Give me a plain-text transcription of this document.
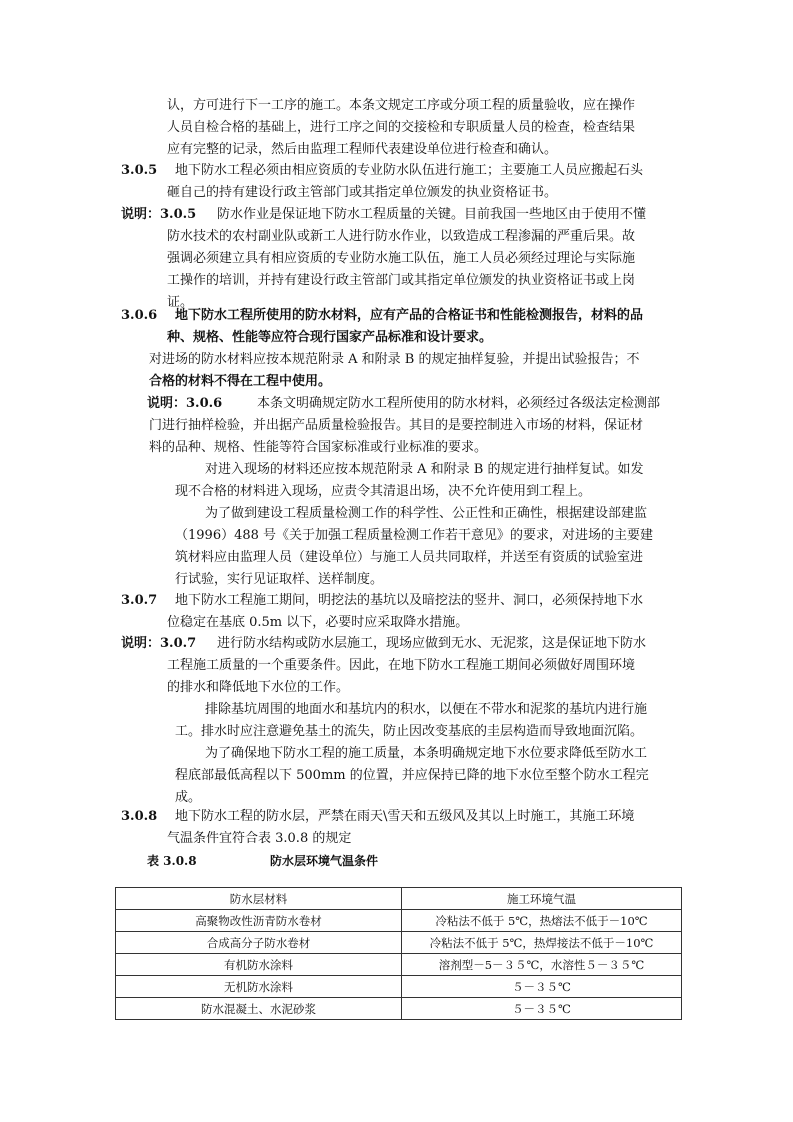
认，方可进行下一工序的施工。本条文规定工序或分项工程的质量验收，应在操作
人员自检合格的基础上，进行工序之间的交接检和专职质量人员的检查，检查结果
应有完整的记录，然后由监理工程师代表建设单位进行检查和确认。
3.0.5 地下防水工程必须由相应资质的专业防水队伍进行施工；主要施工人员应搬起石头
砸自己的持有建设行政主管部门或其指定单位颁发的执业资格证书。
说明：3.0.5 防水作业是保证地下防水工程质量的关键。目前我国一些地区由于使用不懂
防水技术的农村副业队或新工人进行防水作业，以致造成工程渗漏的严重后果。故
强调必须建立具有相应资质的专业防水施工队伍，施工人员必须经过理论与实际施
工操作的培训，并持有建设行政主管部门或其指定单位颁发的执业资格证书或上岗
证。
3.0.6 地下防水工程所使用的防水材料，应有产品的合格证书和性能检测报告，材料的品
种、规格、性能等应符合现行国家产品标准和设计要求。
对进场的防水材料应按本规范附录 A 和附录 B 的规定抽样复验，并提出试验报告；不
合格的材料不得在工程中使用。
说明：3.0.6	本条文明确规定防水工程所使用的防水材料，必须经过各级法定检测部
门进行抽样检验，并出据产品质量检验报告。其目的是要控制进入市场的材料，保证材
料的品种、规格、性能等符合国家标准或行业标准的要求。
对进入现场的材料还应按本规范附录 A 和附录 B 的规定进行抽样复试。如发
现不合格的材料进入现场，应责令其清退出场，决不允许使用到工程上。
为了做到建设工程质量检测工作的科学性、公正性和正确性，根据建设部建监
（1996）488 号《关于加强工程质量检测工作若干意见》的要求，对进场的主要建
筑材料应由监理人员（建设单位）与施工人员共同取样，并送至有资质的试验室进
行试验，实行见证取样、送样制度。
3.0.7 地下防水工程施工期间，明挖法的基坑以及暗挖法的竖井、洞口，必须保持地下水
位稳定在基底 0.5m 以下，必要时应采取降水措施。
说明：3.0.7 进行防水结构或防水层施工，现场应做到无水、无泥浆，这是保证地下防水
工程施工质量的一个重要条件。因此，在地下防水工程施工期间必须做好周围环境
的排水和降低地下水位的工作。
排除基坑周围的地面水和基坑内的积水，以便在不带水和泥浆的基坑内进行施
工。排水时应注意避免基土的流失，防止因改变基底的圭层构造而导致地面沉陷。
为了确保地下防水工程的施工质量，本条明确规定地下水位要求降低至防水工
程底部最低高程以下 500mm 的位置，并应保持已降的地下水位至整个防水工程完
成。
3.0.8 地下防水工程的防水层，严禁在雨天\雪天和五级风及其以上时施工，其施工环境
气温条件宜符合表 3.0.8 的规定
表 3.0.8	防水层环境气温条件
防水层材料	施工环境气温
高聚物改性沥青防水卷材	冷粘法不低于 5℃，热熔法不低于－10℃
合成高分子防水卷材	冷粘法不低于 5℃，热焊接法不低于－10℃
有机防水涂料	溶剂型－5－３５℃，水溶性５－３５℃
无机防水涂料	５－３５℃
防水混凝土、水泥砂浆	５－３５℃
